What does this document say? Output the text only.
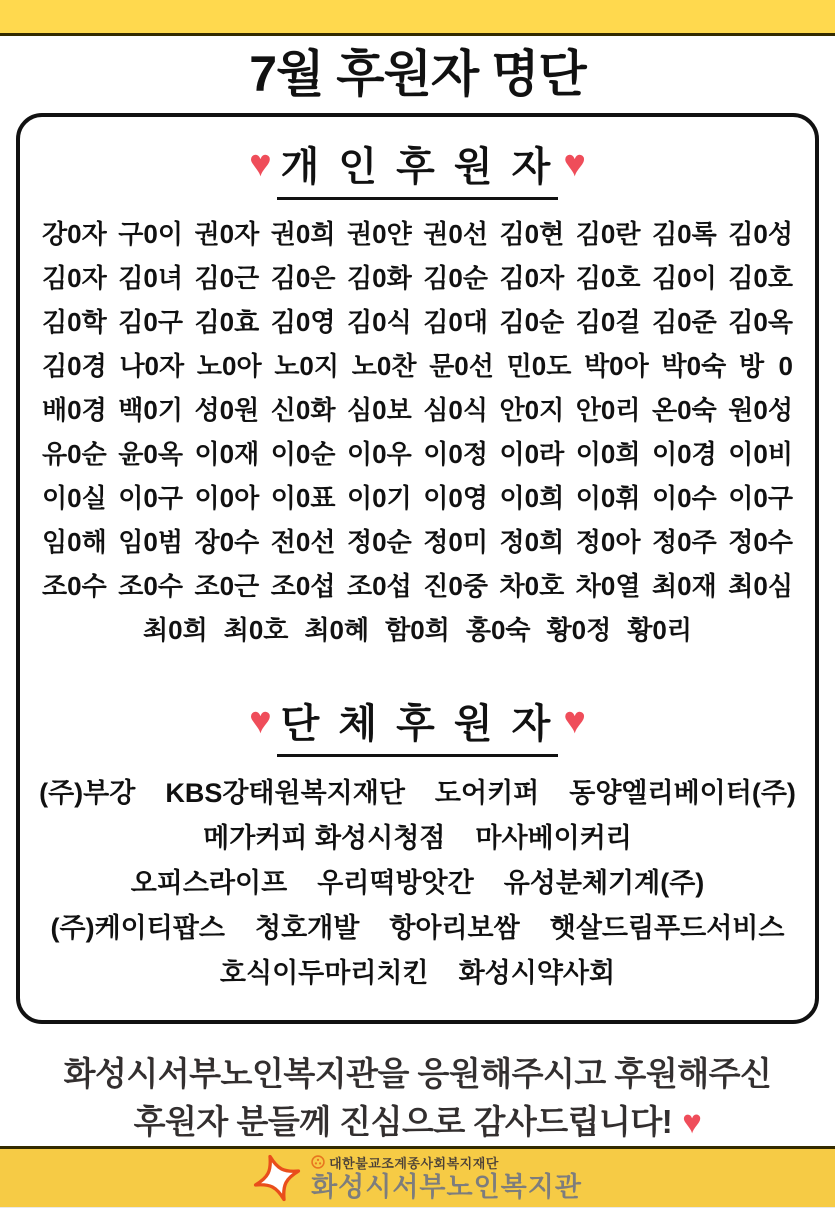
7월 후원자 명단
♥ 개 인 후 원 자 ♥
강0자 구0이 권0자 권0희 권0얀 권0선 김0현 김0란 김0록 김0성
김0자 김0녀 김0근 김0은 김0화 김0순 김0자 김0호 김0이 김0호
김0학 김0구 김0효 김0영 김0식 김0대 김0순 김0걸 김0준 김0옥
김0경 나0자 노0아 노0지 노0찬 문0선 민0도 박0아 박0숙 방  0
배0경 백0기 성0원 신0화 심0보 심0식 안0지 안0리 온0숙 원0성
유0순 윤0옥 이0재 이0순 이0우 이0정 이0라 이0희 이0경 이0비
이0실 이0구 이0아 이0표 이0기 이0영 이0희 이0휘 이0수 이0구
임0해 임0범 장0수 전0선 정0순 정0미 정0희 정0아 정0주 정0수
조0수 조0수 조0근 조0섭 조0섭 진0중 차0호 차0열 최0재 최0심
최0희 최0호 최0혜 함0희 홍0숙 황0정 황0리
♥ 단 체 후 원 자 ♥
(주)부강 KBS강태원복지재단 도어키퍼 동양엘리베이터(주)
메가커피 화성시청점 마사베이커리
오피스라이프 우리떡방앗간 유성분체기계(주)
(주)케이티팝스 청호개발 항아리보쌈 햇살드림푸드서비스
호식이두마리치킨 화성시약사회
화성시서부노인복지관을 응원해주시고 후원해주신
후원자 분들께 진심으로 감사드립니다! ♥
대한불교조계종사회복지재단
화성시서부노인복지관
